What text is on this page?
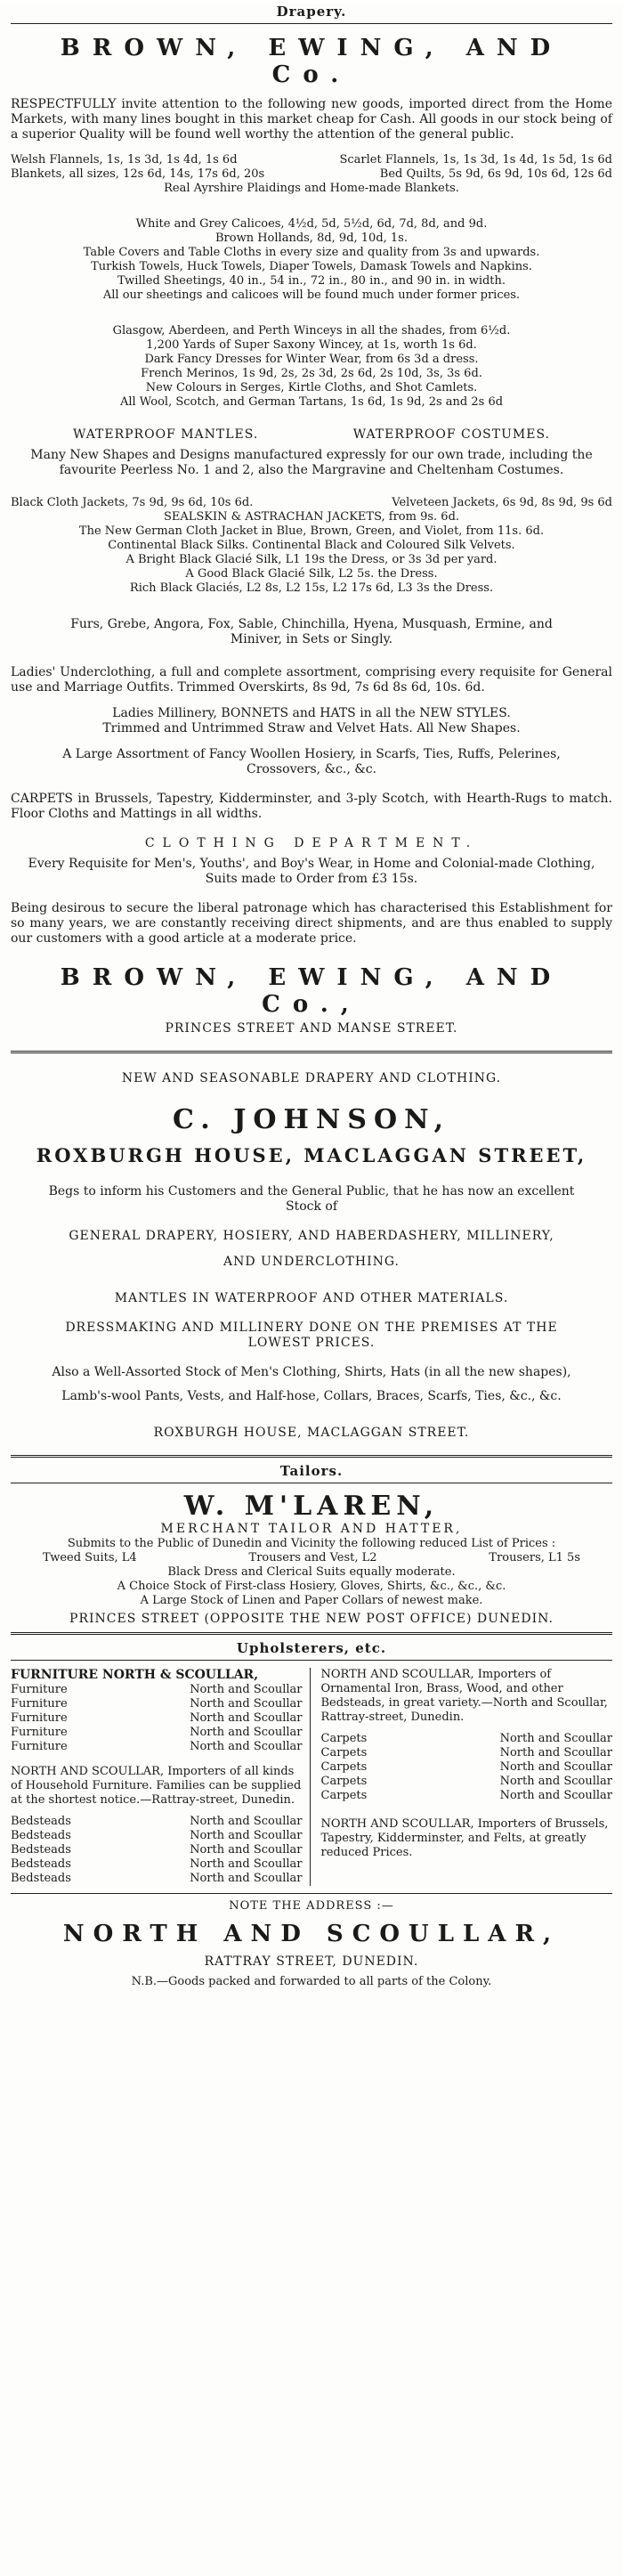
Drapery.
BROWN, EWING, AND Co.
RESPECTFULLY invite attention to the following new goods, imported direct from the Home Markets, with many lines bought in this market cheap for Cash. All goods in our stock being of a superior Quality will be found well worthy the attention of the general public.
Welsh Flannels, 1s, 1s 3d, 1s 4d, 1s 6d	Scarlet Flannels, 1s, 1s 3d, 1s 4d, 1s 5d, 1s 6d
Blankets, all sizes, 12s 6d, 14s, 17s 6d, 20s	Bed Quilts, 5s 9d, 6s 9d, 10s 6d, 12s 6d
Real Ayrshire Plaidings and Home-made Blankets.
White and Grey Calicoes, 4½d, 5d, 5½d, 6d, 7d, 8d, and 9d.
Brown Hollands, 8d, 9d, 10d, 1s.
Table Covers and Table Cloths in every size and quality from 3s and upwards.
Turkish Towels, Huck Towels, Diaper Towels, Damask Towels and Napkins.
Twilled Sheetings, 40 in., 54 in., 72 in., 80 in., and 90 in. in width.
All our sheetings and calicoes will be found much under former prices.
Glasgow, Aberdeen, and Perth Winceys in all the shades, from 6½d.
1,200 Yards of Super Saxony Wincey, at 1s, worth 1s 6d.
Dark Fancy Dresses for Winter Wear, from 6s 3d a dress.
French Merinos, 1s 9d, 2s, 2s 3d, 2s 6d, 2s 10d, 3s, 3s 6d.
New Colours in Serges, Kirtle Cloths, and Shot Camlets.
All Wool, Scotch, and German Tartans, 1s 6d, 1s 9d, 2s and 2s 6d
WATERPROOF MANTLES.	WATERPROOF COSTUMES.
Many New Shapes and Designs manufactured expressly for our own trade, including the favourite Peerless No. 1 and 2, also the Margravine and Cheltenham Costumes.
Black Cloth Jackets, 7s 9d, 9s 6d, 10s 6d.	Velveteen Jackets, 6s 9d, 8s 9d, 9s 6d
SEALSKIN & ASTRACHAN JACKETS, from 9s. 6d.
The New German Cloth Jacket in Blue, Brown, Green, and Violet, from 11s. 6d.
Continental Black Silks. Continental Black and Coloured Silk Velvets.
A Bright Black Glacié Silk, L1 19s the Dress, or 3s 3d per yard.
A Good Black Glacié Silk, L2 5s. the Dress.
Rich Black Glaciés, L2 8s, L2 15s, L2 17s 6d, L3 3s the Dress.
Furs, Grebe, Angora, Fox, Sable, Chinchilla, Hyena, Musquash, Ermine, and Miniver, in Sets or Singly.
Ladies' Underclothing, a full and complete assortment, comprising every requisite for General use and Marriage Outfits. Trimmed Overskirts, 8s 9d, 7s 6d 8s 6d, 10s. 6d.
Ladies Millinery, BONNETS and HATS in all the NEW STYLES.
Trimmed and Untrimmed Straw and Velvet Hats. All New Shapes.
A Large Assortment of Fancy Woollen Hosiery, in Scarfs, Ties, Ruffs, Pelerines, Crossovers, &c., &c.
CARPETS in Brussels, Tapestry, Kidderminster, and 3-ply Scotch, with Hearth-Rugs to match. Floor Cloths and Mattings in all widths.
CLOTHING DEPARTMENT.
Every Requisite for Men's, Youths', and Boy's Wear, in Home and Colonial-made Clothing, Suits made to Order from £3 15s.
Being desirous to secure the liberal patronage which has characterised this Establishment for so many years, we are constantly receiving direct shipments, and are thus enabled to supply our customers with a good article at a moderate price.
BROWN, EWING, AND Co.,
PRINCES STREET AND MANSE STREET.
NEW AND SEASONABLE DRAPERY AND CLOTHING.
C. JOHNSON,
ROXBURGH HOUSE, MACLAGGAN STREET,
Begs to inform his Customers and the General Public, that he has now an excellent
Stock of
GENERAL DRAPERY, HOSIERY, AND HABERDASHERY, MILLINERY,
AND UNDERCLOTHING.
MANTLES IN WATERPROOF AND OTHER MATERIALS.
DRESSMAKING AND MILLINERY DONE ON THE PREMISES AT THE
LOWEST PRICES.
Also a Well-Assorted Stock of Men's Clothing, Shirts, Hats (in all the new shapes),
Lamb's-wool Pants, Vests, and Half-hose, Collars, Braces, Scarfs, Ties, &c., &c.
ROXBURGH HOUSE, MACLAGGAN STREET.
Tailors.
W. M'LAREN,
MERCHANT TAILOR AND HATTER,
Submits to the Public of Dunedin and Vicinity the following reduced List of Prices :
Tweed Suits, L4	Trousers and Vest, L2	Trousers, L1 5s
Black Dress and Clerical Suits equally moderate.
A Choice Stock of First-class Hosiery, Gloves, Shirts, &c., &c., &c.
A Large Stock of Linen and Paper Collars of newest make.
PRINCES STREET (OPPOSITE THE NEW POST OFFICE) DUNEDIN.
Upholsterers, etc.
FURNITURE NORTH & SCOULLAR,
Furniture	North and Scoullar
Furniture	North and Scoullar
Furniture	North and Scoullar
Furniture	North and Scoullar
Furniture	North and Scoullar
NORTH AND SCOULLAR, Importers of all kinds of Household Furniture. Families can be supplied at the shortest notice.—Rattray-street, Dunedin.
Bedsteads	North and Scoullar
Bedsteads	North and Scoullar
Bedsteads	North and Scoullar
Bedsteads	North and Scoullar
Bedsteads	North and Scoullar
NORTH AND SCOULLAR, Importers of Ornamental Iron, Brass, Wood, and other Bedsteads, in great variety.—North and Scoullar, Rattray-street, Dunedin.
Carpets	North and Scoullar
Carpets	North and Scoullar
Carpets	North and Scoullar
Carpets	North and Scoullar
Carpets	North and Scoullar
NORTH AND SCOULLAR, Importers of Brussels, Tapestry, Kidderminster, and Felts, at greatly reduced Prices.
NOTE THE ADDRESS :—
NORTH AND SCOULLAR,
RATTRAY STREET, DUNEDIN.
N.B.—Goods packed and forwarded to all parts of the Colony.
